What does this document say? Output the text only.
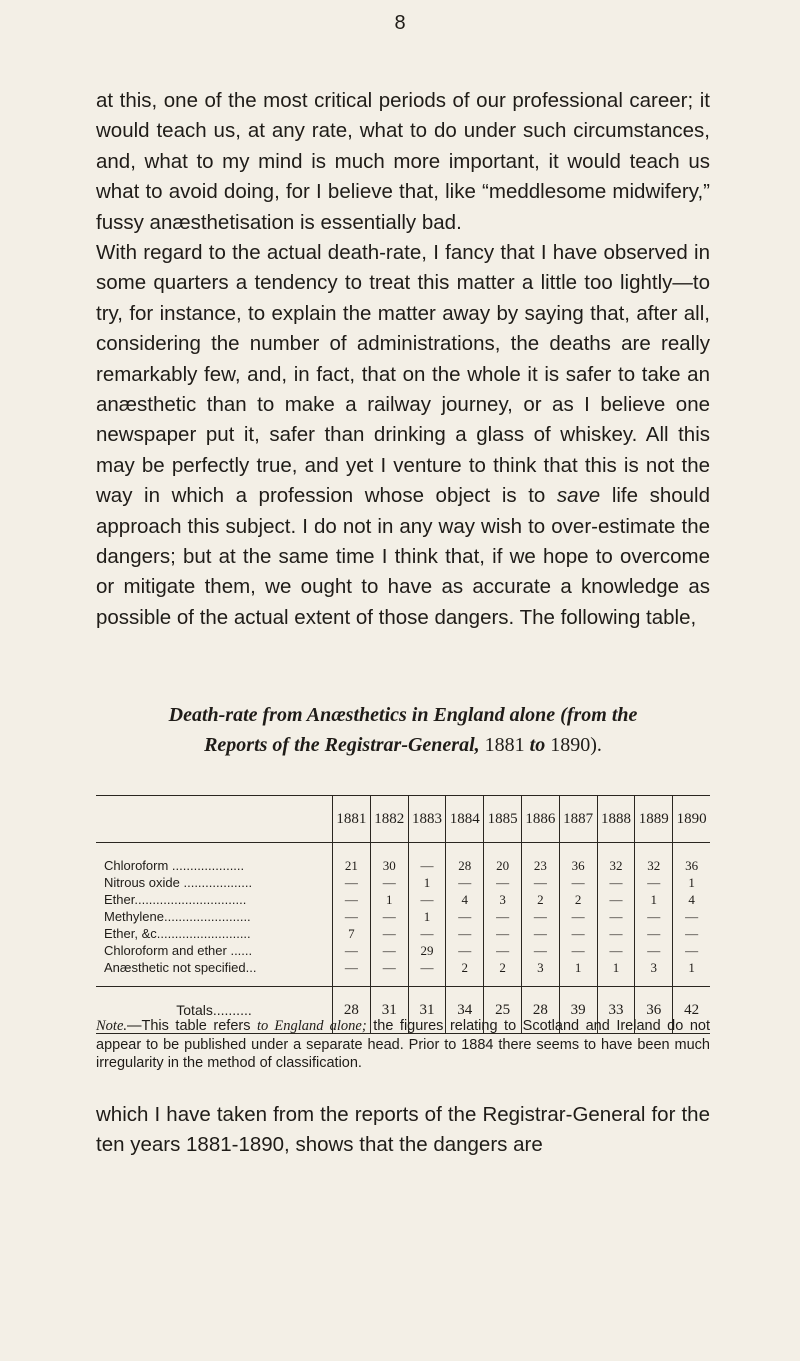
8

at this, one of the most critical periods of our professional career; it would teach us, at any rate, what to do under such circumstances, and, what to my mind is much more important, it would teach us what to avoid doing, for I believe that, like “meddlesome midwifery,” fussy anæsthetisation is essentially bad.

With regard to the actual death-rate, I fancy that I have observed in some quarters a tendency to treat this matter a little too lightly—to try, for instance, to explain the matter away by saying that, after all, considering the number of administrations, the deaths are really remarkably few, and, in fact, that on the whole it is safer to take an anæsthetic than to make a railway journey, or as I believe one newspaper put it, safer than drinking a glass of whiskey. All this may be perfectly true, and yet I venture to think that this is not the way in which a profession whose object is to save life should approach this subject. I do not in any way wish to over-estimate the dangers; but at the same time I think that, if we hope to overcome or mitigate them, we ought to have as accurate a knowledge as possible of the actual extent of those dangers. The following table,

Death-rate from Anæsthetics in England alone (from the
Reports of the Registrar-General, 1881 to 1890).
	1881	1882	1883	1884	1885	1886	1887	1888	1889	1890
Chloroform ....................	21	30	—	28	20	23	36	32	32	36
Nitrous oxide ...................	—	—	1	—	—	—	—	—	—	1
Ether...............................	—	1	—	4	3	2	2	—	1	4
Methylene........................	—	—	1	—	—	—	—	—	—	—
Ether, &c..........................	7	—	—	—	—	—	—	—	—	—
Chloroform and ether ......	—	—	29	—	—	—	—	—	—	—
Anæsthetic not specified...	—	—	—	2	2	3	1	1	3	1
Totals..........	28	31	31	34	25	28	39	33	36	42
Note.—This table refers to England alone; the figures relating to Scotland and Ireland do not appear to be published under a separate head. Prior to 1884 there seems to have been much irregularity in the method of classification.

which I have taken from the reports of the Registrar-General for the ten years 1881-1890, shows that the dangers are
